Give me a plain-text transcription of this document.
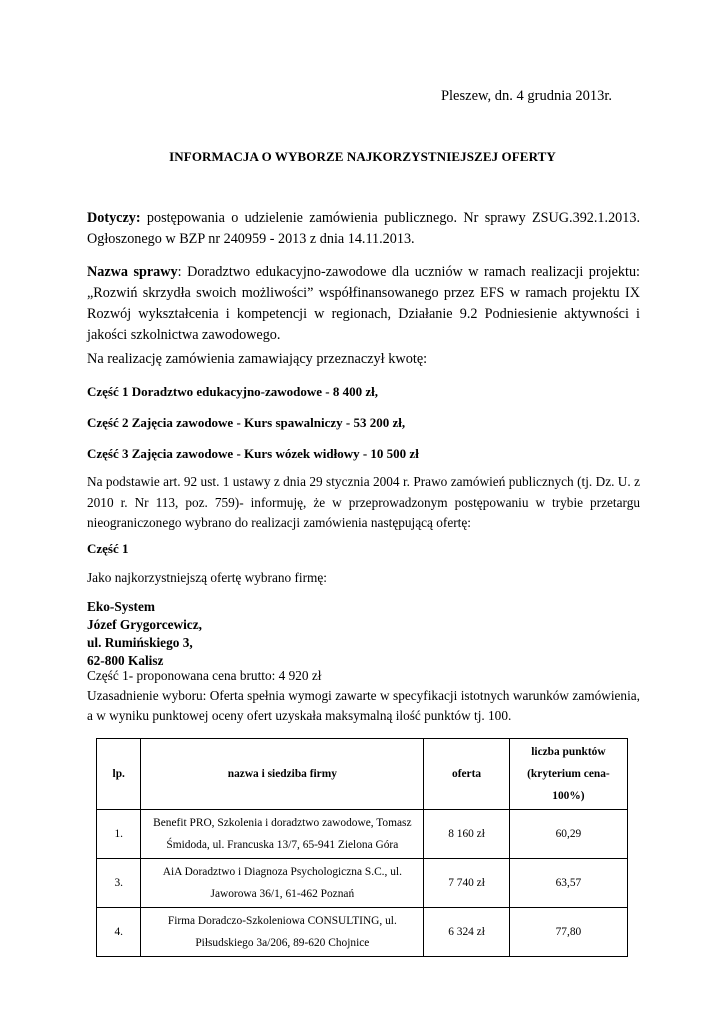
Pleszew, dn. 4 grudnia 2013r.
INFORMACJA O WYBORZE NAJKORZYSTNIEJSZEJ OFERTY
Dotyczy: postępowania o udzielenie zamówienia publicznego. Nr sprawy ZSUG.392.1.2013. Ogłoszonego w BZP nr 240959 - 2013 z dnia 14.11.2013.
Nazwa sprawy: Doradztwo edukacyjno-zawodowe dla uczniów w ramach realizacji projektu: „Rozwiń skrzydła swoich możliwości” współfinansowanego przez EFS w ramach projektu IX Rozwój wykształcenia i kompetencji w regionach, Działanie 9.2 Podniesienie aktywności i jakości szkolnictwa zawodowego.
Na realizację zamówienia zamawiający przeznaczył kwotę:
Część 1 Doradztwo edukacyjno-zawodowe - 8 400 zł,
Część 2 Zajęcia zawodowe - Kurs spawalniczy - 53 200 zł,
Część 3 Zajęcia zawodowe - Kurs wózek widłowy - 10 500 zł
Na podstawie art. 92 ust. 1 ustawy z dnia 29 stycznia 2004 r. Prawo zamówień publicznych (tj. Dz. U. z 2010 r. Nr 113, poz. 759)- informuję, że w przeprowadzonym postępowaniu w trybie przetargu nieograniczonego wybrano do realizacji zamówienia następującą ofertę:
Część 1
Jako najkorzystniejszą ofertę wybrano firmę:
Eko-System
Józef Grygorcewicz,
ul. Rumińskiego 3,
62-800 Kalisz
Część 1- proponowana cena brutto: 4 920 zł
Uzasadnienie wyboru: Oferta spełnia wymogi zawarte w specyfikacji istotnych warunków zamówienia, a w wyniku punktowej oceny ofert uzyskała maksymalną ilość punktów tj. 100.
lp.	nazwa i siedziba firmy	oferta	liczba punktów (kryterium cena-100%)
1.	Benefit PRO, Szkolenia i doradztwo zawodowe, Tomasz Śmidoda, ul. Francuska 13/7, 65-941 Zielona Góra	8 160 zł	60,29
3.	AiA Doradztwo i Diagnoza Psychologiczna S.C., ul. Jaworowa 36/1, 61-462 Poznań	7 740 zł	63,57
4.	Firma Doradczo-Szkoleniowa CONSULTING, ul. Piłsudskiego 3a/206, 89-620 Chojnice	6 324 zł	77,80
